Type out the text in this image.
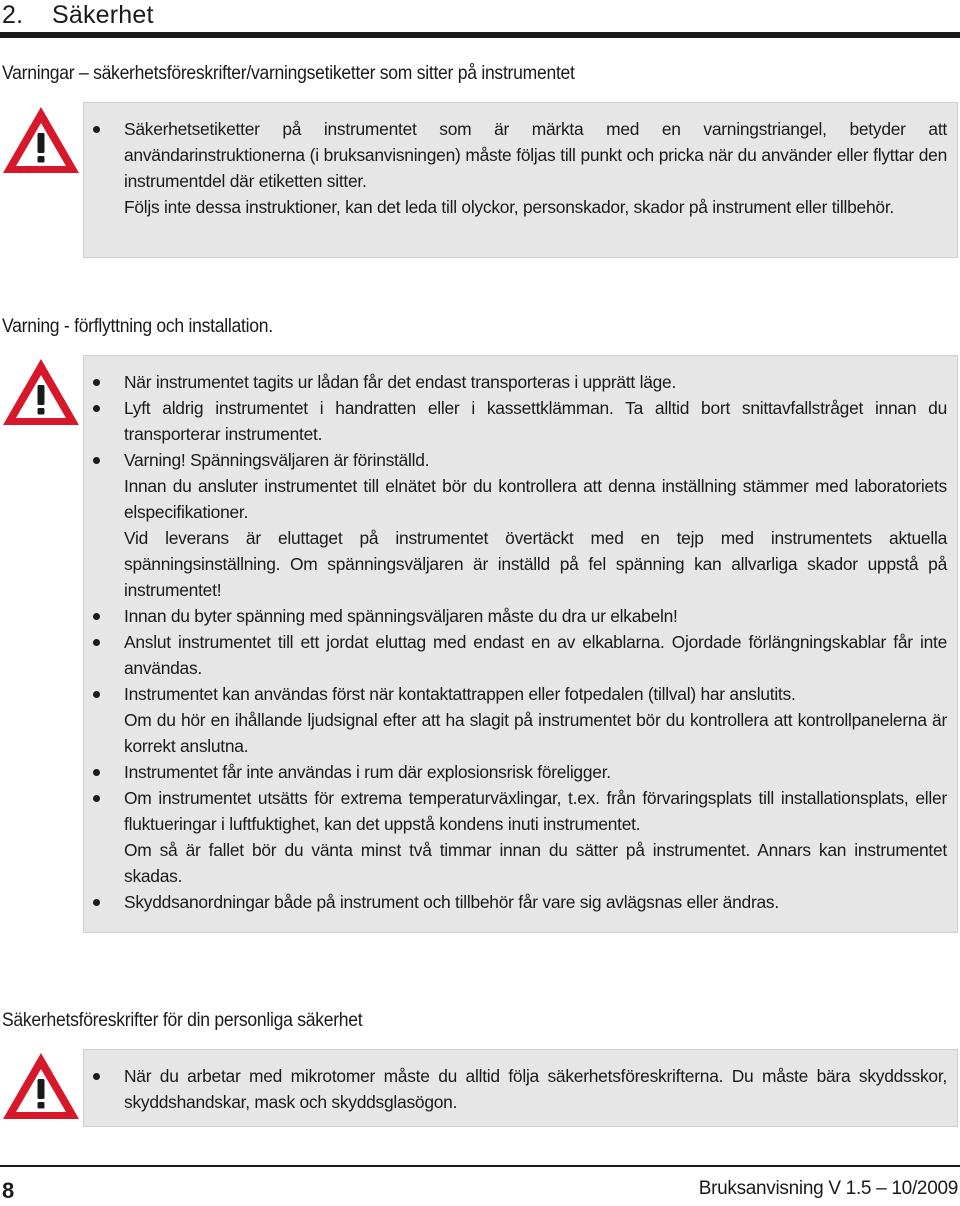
2. Säkerhet
Varningar – säkerhetsföreskrifter/varningsetiketter som sitter på instrumentet

Säkerhetsetiketter på instrumentet som är märkta med en varningstriangel, betyder att användarinstruktionerna (i bruksanvisningen) måste följas till punkt och pricka när du använder eller flyttar den instrumentdel där etiketten sitter.

Följs inte dessa instruktioner, kan det leda till olyckor, personskador, skador på instrument eller tillbehör.

Varning - förflyttning och installation.

När instrumentet tagits ur lådan får det endast transporteras i upprätt läge.

Lyft aldrig instrumentet i handratten eller i kassettklämman. Ta alltid bort snittavfallstråget innan du transporterar instrumentet.

Varning! Spänningsväljaren är förinställd.

Innan du ansluter instrumentet till elnätet bör du kontrollera att denna inställning stämmer med laboratoriets elspecifikationer.

Vid leverans är eluttaget på instrumentet övertäckt med en tejp med instrumentets aktuella spänningsinställning. Om spänningsväljaren är inställd på fel spänning kan allvarliga skador uppstå på instrumentet!

Innan du byter spänning med spänningsväljaren måste du dra ur elkabeln!

Anslut instrumentet till ett jordat eluttag med endast en av elkablarna. Ojordade förlängningskablar får inte användas.

Instrumentet kan användas först när kontaktattrappen eller fotpedalen (tillval) har anslutits.

Om du hör en ihållande ljudsignal efter att ha slagit på instrumentet bör du kontrollera att kontrollpanelerna är korrekt anslutna.

Instrumentet får inte användas i rum där explosionsrisk föreligger.

Om instrumentet utsätts för extrema temperaturväxlingar, t.ex. från förvaringsplats till installationsplats, eller fluktueringar i luftfuktighet, kan det uppstå kondens inuti instrumentet.

Om så är fallet bör du vänta minst två timmar innan du sätter på instrumentet. Annars kan instrumentet skadas.

Skyddsanordningar både på instrument och tillbehör får vare sig avlägsnas eller ändras.

Säkerhetsföreskrifter för din personliga säkerhet

När du arbetar med mikrotomer måste du alltid följa säkerhetsföreskrifterna. Du måste bära skyddsskor, skyddshandskar, mask och skyddsglasögon.

8	Bruksanvisning V 1.5 – 10/2009
